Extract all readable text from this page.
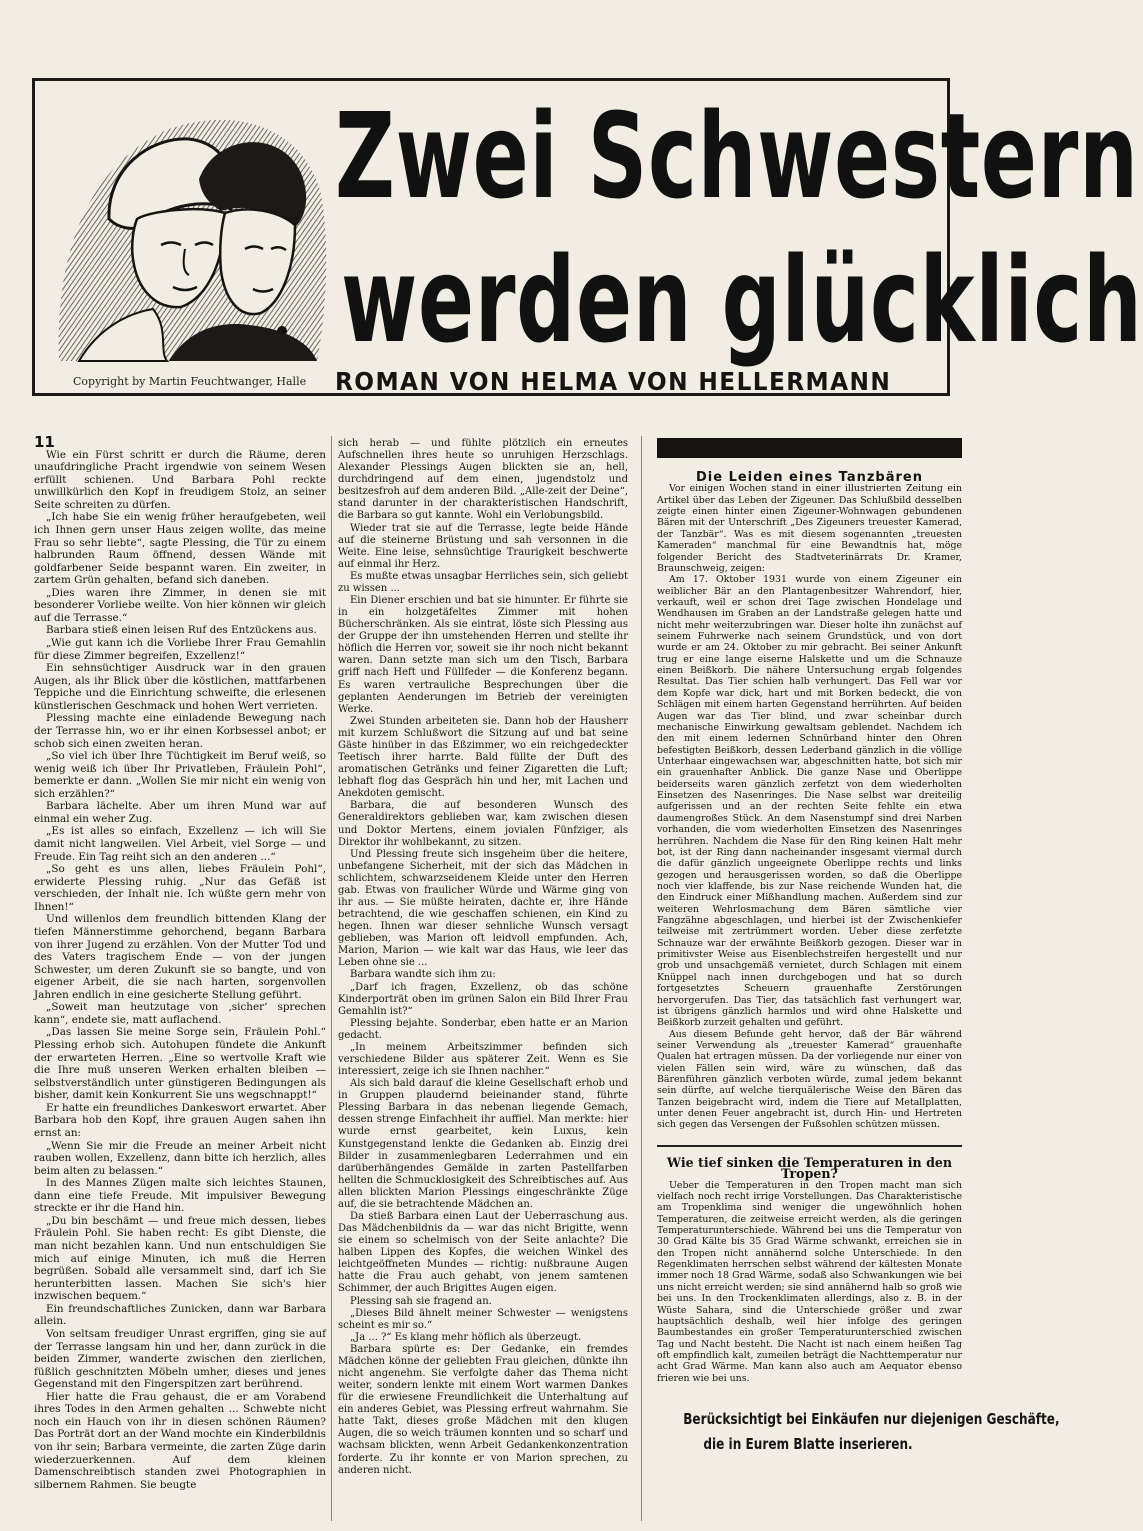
Zwei Schwestern
werden glücklich
Copyright by Martin Feuchtwanger, Halle ROMAN VON HELMA VON HELLERMANN

11

Wie ein Fürst schritt er durch die Räume, deren unaufdringliche Pracht irgendwie von seinem Wesen erfüllt schienen. Und Barbara Pohl reckte unwillkürlich den Kopf in freudigem Stolz, an seiner Seite schreiten zu dürfen.

„Ich habe Sie ein wenig früher heraufgebeten, weil ich Ihnen gern unser Haus zeigen wollte, das meine Frau so sehr liebte“, sagte Plessing, die Tür zu einem halbrunden Raum öffnend, dessen Wände mit goldfarbener Seide bespannt waren. Ein zweiter, in zartem Grün gehalten, befand sich daneben.

„Dies waren ihre Zimmer, in denen sie mit besonderer Vorliebe weilte. Von hier können wir gleich auf die Terrasse.“

Barbara stieß einen leisen Ruf des Entzückens aus.

„Wie gut kann ich die Vorliebe Ihrer Frau Gemahlin für diese Zimmer begreifen, Exzellenz!“

Ein sehnsüchtiger Ausdruck war in den grauen Augen, als ihr Blick über die köstlichen, mattfarbenen Teppiche und die Einrichtung schweifte, die erlesenen künstlerischen Geschmack und hohen Wert verrieten.

Plessing machte eine einladende Bewegung nach der Terrasse hin, wo er ihr einen Korbsessel anbot; er schob sich einen zweiten heran.

„So viel ich über Ihre Tüchtigkeit im Beruf weiß, so wenig weiß ich über Ihr Privatleben, Fräulein Pohl“, bemerkte er dann. „Wollen Sie mir nicht ein wenig von sich erzählen?“

Barbara lächelte. Aber um ihren Mund war auf einmal ein weher Zug.

„Es ist alles so einfach, Exzellenz — ich will Sie damit nicht langweilen. Viel Arbeit, viel Sorge — und Freude. Ein Tag reiht sich an den anderen ...“

„So geht es uns allen, liebes Fräulein Pohl“, erwiderte Plessing ruhig. „Nur das Gefäß ist verschieden, der Inhalt nie. Ich wüßte gern mehr von Ihnen!“

Und willenlos dem freundlich bittenden Klang der tiefen Männerstimme gehorchend, begann Barbara von ihrer Jugend zu erzählen. Von der Mutter Tod und des Vaters tragischem Ende — von der jungen Schwester, um deren Zukunft sie so bangte, und von eigener Arbeit, die sie nach harten, sorgenvollen Jahren endlich in eine gesicherte Stellung geführt.

„Soweit man heutzutage von ‚sicher‘ sprechen kann“, endete sie, matt auflachend.

„Das lassen Sie meine Sorge sein, Fräulein Pohl.“ Plessing erhob sich. Autohupen fündete die Ankunft der erwarteten Herren. „Eine so wertvolle Kraft wie die Ihre muß unseren Werken erhalten bleiben — selbstverständlich unter günstigeren Bedingungen als bisher, damit kein Konkurrent Sie uns wegschnappt!“

Er hatte ein freundliches Dankeswort erwartet. Aber Barbara hob den Kopf, ihre grauen Augen sahen ihn ernst an:

„Wenn Sie mir die Freude an meiner Arbeit nicht rauben wollen, Exzellenz, dann bitte ich herzlich, alles beim alten zu belassen.“

In des Mannes Zügen malte sich leichtes Staunen, dann eine tiefe Freude. Mit impulsiver Bewegung streckte er ihr die Hand hin.

„Du bin beschämt — und freue mich dessen, liebes Fräulein Pohl. Sie haben recht: Es gibt Dienste, die man nicht bezahlen kann. Und nun entschuldigen Sie mich auf einige Minuten, ich muß die Herren begrüßen. Sobald alle versammelt sind, darf ich Sie herunterbitten lassen. Machen Sie sich's hier inzwischen bequem.“

Ein freundschaftliches Zunicken, dann war Barbara allein.

Von seltsam freudiger Unrast ergriffen, ging sie auf der Terrasse langsam hin und her, dann zurück in die beiden Zimmer, wanderte zwischen den zierlichen, füßlich geschnitzten Möbeln umher, dieses und jenes Gegenstand mit den Fingerspitzen zart berührend.

Hier hatte die Frau gehaust, die er am Vorabend ihres Todes in den Armen gehalten ... Schwebte nicht noch ein Hauch von ihr in diesen schönen Räumen? Das Porträt dort an der Wand mochte ein Kinderbildnis von ihr sein; Barbara vermeinte, die zarten Züge darin wiederzuerkennen. Auf dem kleinen Damenschreibtisch standen zwei Photographien in silbernem Rahmen. Sie beugte

sich herab — und fühlte plötzlich ein erneutes Aufschnellen ihres heute so unruhigen Herzschlags. Alexander Plessings Augen blickten sie an, hell, durchdringend auf dem einen, jugendstolz und besitzesfroh auf dem anderen Bild. „Alle-zeit der Deine“, stand darunter in der charakteristischen Handschrift, die Barbara so gut kannte. Wohl ein Verlobungsbild.

Wieder trat sie auf die Terrasse, legte beide Hände auf die steinerne Brüstung und sah versonnen in die Weite. Eine leise, sehnsüchtige Traurigkeit beschwerte auf einmal ihr Herz.

Es mußte etwas unsagbar Herrliches sein, sich geliebt zu wissen ...

Ein Diener erschien und bat sie hinunter. Er führte sie in ein holzgetäfeltes Zimmer mit hohen Bücherschränken. Als sie eintrat, löste sich Plessing aus der Gruppe der ihn umstehenden Herren und stellte ihr höflich die Herren vor, soweit sie ihr noch nicht bekannt waren. Dann setzte man sich um den Tisch, Barbara griff nach Heft und Füllfeder — die Konferenz begann. Es waren vertrauliche Besprechungen über die geplanten Aenderungen im Betrieb der vereinigten Werke.

Zwei Stunden arbeiteten sie. Dann hob der Hausherr mit kurzem Schlußwort die Sitzung auf und bat seine Gäste hinüber in das Eßzimmer, wo ein reichgedeckter Teetisch ihrer harrte. Bald füllte der Duft des aromatischen Getränks und feiner Zigaretten die Luft; lebhaft flog das Gespräch hin und her, mit Lachen und Anekdoten gemischt.

Barbara, die auf besonderen Wunsch des Generaldirektors geblieben war, kam zwischen diesen und Doktor Mertens, einem jovialen Fünfziger, als Direktor ihr wohlbekannt, zu sitzen.

Und Plessing freute sich insgeheim über die heitere, unbefangene Sicherheit, mit der sich das Mädchen in schlichtem, schwarzseidenem Kleide unter den Herren gab. Etwas von fraulicher Würde und Wärme ging von ihr aus. — Sie müßte heiraten, dachte er, ihre Hände betrachtend, die wie geschaffen schienen, ein Kind zu hegen. Ihnen war dieser sehnliche Wunsch versagt geblieben, was Marion oft leidvoll empfunden. Ach, Marion, Marion — wie kalt war das Haus, wie leer das Leben ohne sie ...

Barbara wandte sich ihm zu:

„Darf ich fragen, Exzellenz, ob das schöne Kinderporträt oben im grünen Salon ein Bild Ihrer Frau Gemahlin ist?“

Plessing bejahte. Sonderbar, eben hatte er an Marion gedacht.

„In meinem Arbeitszimmer befinden sich verschiedene Bilder aus späterer Zeit. Wenn es Sie interessiert, zeige ich sie Ihnen nachher.“

Als sich bald darauf die kleine Gesellschaft erhob und in Gruppen plaudernd beieinander stand, führte Plessing Barbara in das nebenan liegende Gemach, dessen strenge Einfachheit ihr auffiel. Man merkte: hier wurde ernst gearbeitet, kein Luxus, kein Kunstgegenstand lenkte die Gedanken ab. Einzig drei Bilder in zusammenlegbaren Lederrahmen und ein darüberhängendes Gemälde in zarten Pastellfarben hellten die Schmucklosigkeit des Schreibtisches auf. Aus allen blickten Marion Plessings eingeschränkte Züge auf, die sie betrachtende Mädchen an.

Da stieß Barbara einen Laut der Ueberraschung aus. Das Mädchenbildnis da — war das nicht Brigitte, wenn sie einem so schelmisch von der Seite anlachte? Die halben Lippen des Kopfes, die weichen Winkel des leichtgeöffneten Mundes — richtig: nußbraune Augen hatte die Frau auch gehabt, von jenem samtenen Schimmer, der auch Brigittes Augen eigen.

Plessing sah sie fragend an.

„Dieses Bild ähnelt meiner Schwester — wenigstens scheint es mir so.“

„Ja ... ?“ Es klang mehr höflich als überzeugt.

Barbara spürte es: Der Gedanke, ein fremdes Mädchen könne der geliebten Frau gleichen, dünkte ihn nicht angenehm. Sie verfolgte daher das Thema nicht weiter, sondern lenkte mit einem Wort warmen Dankes für die erwiesene Freundlichkeit die Unterhaltung auf ein anderes Gebiet, was Plessing erfreut wahrnahm. Sie hatte Takt, dieses große Mädchen mit den klugen Augen, die so weich träumen konnten und so scharf und wachsam blickten, wenn Arbeit Gedankenkonzentration forderte. Zu ihr konnte er von Marion sprechen, zu anderen nicht.

Die Leiden eines Tanzbären

Vor einigen Wochen stand in einer illustrierten Zeitung ein Artikel über das Leben der Zigeuner. Das Schlußbild desselben zeigte einen hinter einen Zigeuner-Wohnwagen gebundenen Bären mit der Unterschrift „Des Zigeuners treuester Kamerad, der Tanzbär“. Was es mit diesem sogenannten „treuesten Kameraden“ manchmal für eine Bewandtnis hat, möge folgender Bericht des Stadtveterinärrats Dr. Kramer, Braunschweig, zeigen:

Am 17. Oktober 1931 wurde von einem Zigeuner ein weiblicher Bär an den Plantagenbesitzer Wahrendorf, hier, verkauft, weil er schon drei Tage zwischen Hondelage und Wendhausen im Graben an der Landstraße gelegen hatte und nicht mehr weiterzubringen war. Dieser holte ihn zunächst auf seinem Fuhrwerke nach seinem Grundstück, und von dort wurde er am 24. Oktober zu mir gebracht. Bei seiner Ankunft trug er eine lange eiserne Halskette und um die Schnauze einen Beißkorb. Die nähere Untersuchung ergab folgendes Resultat. Das Tier schien halb verhungert. Das Fell war vor dem Kopfe war dick, hart und mit Borken bedeckt, die von Schlägen mit einem harten Gegenstand herrührten. Auf beiden Augen war das Tier blind, und zwar scheinbar durch mechanische Einwirkung gewaltsam geblendet. Nachdem ich den mit einem ledernen Schnürband hinter den Ohren befestigten Beißkorb, dessen Lederband gänzlich in die völlige Unterhaar eingewachsen war, abgeschnitten hatte, bot sich mir ein grauenhafter Anblick. Die ganze Nase und Oberlippe beiderseits waren gänzlich zerfetzt von dem wiederholten Einsetzen des Nasenringes. Die Nase selbst war dreiteilig aufgerissen und an der rechten Seite fehlte ein etwa daumengroßes Stück. An dem Nasenstumpf sind drei Narben vorhanden, die vom wiederholten Einsetzen des Nasenringes herrühren. Nachdem die Nase für den Ring keinen Halt mehr bot, ist der Ring dann nacheinander insgesamt viermal durch die dafür gänzlich ungeeignete Oberlippe rechts und links gezogen und herausgerissen worden, so daß die Oberlippe noch vier klaffende, bis zur Nase reichende Wunden hat, die den Eindruck einer Mißhandlung machen. Außerdem sind zur weiteren Wehrlosmachung dem Bären sämtliche vier Fangzähne abgeschlagen, und hierbei ist der Zwischenkiefer teilweise mit zertrümmert worden. Ueber diese zerfetzte Schnauze war der erwähnte Beißkorb gezogen. Dieser war in primitivster Weise aus Eisenblechstreifen hergestellt und nur grob und unsachgemäß vernietet, durch Schlagen mit einem Knüppel nach innen durchgebogen und hat so durch fortgesetztes Scheuern grauenhafte Zerstörungen hervorgerufen. Das Tier, das tatsächlich fast verhungert war, ist übrigens gänzlich harmlos und wird ohne Halskette und Beißkorb zurzeit gehalten und geführt.

Aus diesem Befunde geht hervor, daß der Bär während seiner Verwendung als „treuester Kamerad“ grauenhafte Qualen hat ertragen müssen. Da der vorliegende nur einer von vielen Fällen sein wird, wäre zu wünschen, daß das Bärenführen gänzlich verboten würde, zumal jedem bekannt sein dürfte, auf welche tierquälerische Weise den Bären das Tanzen beigebracht wird, indem die Tiere auf Metallplatten, unter denen Feuer angebracht ist, durch Hin- und Hertreten sich gegen das Versengen der Fußsohlen schützen müssen.

Wie tief sinken die Temperaturen in den Tropen?

Ueber die Temperaturen in den Tropen macht man sich vielfach noch recht irrige Vorstellungen. Das Charakteristische am Tropenklima sind weniger die ungewöhnlich hohen Temperaturen, die zeitweise erreicht werden, als die geringen Temperaturunterschiede. Während bei uns die Temperatur von 30 Grad Kälte bis 35 Grad Wärme schwankt, erreichen sie in den Tropen nicht annähernd solche Unterschiede. In den Regenklimaten herrschen selbst während der kältesten Monate immer noch 18 Grad Wärme, sodaß also Schwankungen wie bei uns nicht erreicht werden; sie sind annähernd halb so groß wie bei uns. In den Trockenklimaten allerdings, also z. B. in der Wüste Sahara, sind die Unterschiede größer und zwar hauptsächlich deshalb, weil hier infolge des geringen Baumbestandes ein großer Temperaturunterschied zwischen Tag und Nacht besteht. Die Nacht ist nach einem heißen Tag oft empfindlich kalt, zumeilen beträgt die Nachttemperatur nur acht Grad Wärme. Man kann also auch am Aequator ebenso frieren wie bei uns.

Berücksichtigt bei Einkäufen nur diejenigen Geschäfte,
die in Eurem Blatte inserieren.
